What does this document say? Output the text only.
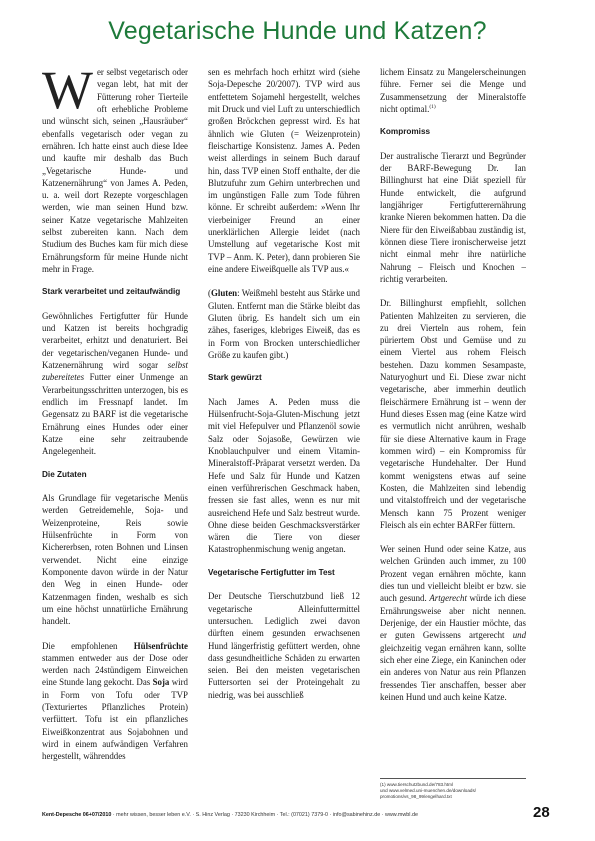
Vegetarische Hunde und Katzen?

Wer selbst vegetarisch oder vegan lebt, hat mit der Fütterung roher Tierteile oft erhebliche Probleme und wünscht sich, seinen „Hausräuber“ ebenfalls vegetarisch oder vegan zu ernähren. Ich hatte einst auch diese Idee und kaufte mir deshalb das Buch „Vegetarische Hunde- und Katzenernährung“ von James A. Peden, u. a. weil dort Rezepte vorgeschlagen werden, wie man seinen Hund bzw. seiner Katze vegetarische Mahlzeiten selbst zubereiten kann. Nach dem Studium des Buches kam für mich diese Ernährungsform für meine Hunde nicht mehr in Frage.

Stark verarbeitet und zeitaufwändig

Gewöhnliches Fertigfutter für Hunde und Katzen ist bereits hochgradig verarbeitet, erhitzt und denaturiert. Bei der vegetarischen/veganen Hunde- und Katzenernährung wird sogar selbst zubereitetes Futter einer Unmenge an Verarbeitungsschritten unterzogen, bis es endlich im Fressnapf landet. Im Gegensatz zu BARF ist die vegetarische Ernährung eines Hundes oder einer Katze eine sehr zeitraubende Angelegenheit.

Die Zutaten

Als Grundlage für vegetarische Menüs werden Getreidemehle, Soja- und Weizenproteine, Reis sowie Hülsenfrüchte in Form von Kichererbsen, roten Bohnen und Linsen verwendet. Nicht eine einzige Komponente davon würde in der Natur den Weg in einen Hunde- oder Katzenmagen finden, weshalb es sich um eine höchst unnatürliche Ernährung handelt.

Die empfohlenen Hülsenfrüchte stammen entweder aus der Dose oder werden nach 24stündigem Einweichen eine Stunde lang gekocht. Das Soja wird in Form von Tofu oder TVP (Texturiertes Pflanzliches Protein) verfüttert. Tofu ist ein pflanzliches Eiweißkonzentrat aus Sojabohnen und wird in einem aufwändigen Verfahren hergestellt, währenddes

sen es mehrfach hoch erhitzt wird (siehe Soja-Depesche 20/2007). TVP wird aus entfettetem Sojamehl hergestellt, welches mit Druck und viel Luft zu unterschiedlich großen Bröckchen gepresst wird. Es hat ähnlich wie Gluten (= Weizenprotein) fleischartige Konsistenz. James A. Peden weist allerdings in seinem Buch darauf hin, dass TVP einen Stoff enthalte, der die Blutzufuhr zum Gehirn unterbrechen und im ungünstigen Falle zum Tode führen könne. Er schreibt außerdem: »Wenn Ihr vierbeiniger Freund an einer unerklärlichen Allergie leidet (nach Umstellung auf vegetarische Kost mit TVP – Anm. K. Peter), dann probieren Sie eine andere Eiweißquelle als TVP aus.«

(Gluten: Weißmehl besteht aus Stärke und Gluten. Entfernt man die Stärke bleibt das Gluten übrig. Es handelt sich um ein zähes, faseriges, klebriges Eiweiß, das es in Form von Brocken unterschiedlicher Größe zu kaufen gibt.)

Stark gewürzt

Nach James A. Peden muss die Hülsenfrucht-Soja-Gluten-Mischung jetzt mit viel Hefepulver und Pflanzenöl sowie Salz oder Sojasoße, Gewürzen wie Knoblauchpulver und einem Vitamin-Mineralstoff-Präparat versetzt werden. Da Hefe und Salz für Hunde und Katzen einen verführerischen Geschmack haben, fressen sie fast alles, wenn es nur mit ausreichend Hefe und Salz bestreut wurde. Ohne diese beiden Geschmacksverstärker wären die Tiere von dieser Katastrophenmischung wenig angetan.

Vegetarische Fertigfutter im Test

Der Deutsche Tierschutzbund ließ 12 vegetarische Alleinfuttermittel untersuchen. Lediglich zwei davon dürften einem gesunden erwachsenen Hund längerfristig gefüttert werden, ohne dass gesundheitliche Schäden zu erwarten seien. Bei den meisten vegetarischen Futtersorten sei der Proteingehalt zu niedrig, was bei ausschließ

lichem Einsatz zu Mangelerscheinungen führe. Ferner sei die Menge und Zusammensetzung der Mineralstoffe nicht optimal.$^{(1)}$

Kompromiss

Der australische Tierarzt und Begründer der BARF-Bewegung Dr. Ian Billinghurst hat eine Diät speziell für Hunde entwickelt, die aufgrund langjähriger Fertigfutterernährung kranke Nieren bekommen hatten. Da die Niere für den Eiweißabbau zuständig ist, können diese Tiere ironischerweise jetzt nicht einmal mehr ihre natürliche Nahrung – Fleisch und Knochen – richtig verarbeiten.

Dr. Billinghurst empfiehlt, sollchen Patienten Mahlzeiten zu servieren, die zu drei Vierteln aus rohem, fein püriertem Obst und Gemüse und zu einem Viertel aus rohem Fleisch bestehen. Dazu kommen Sesampaste, Naturyoghurt und Ei. Diese zwar nicht vegetarische, aber immerhin deutlich fleischärmere Ernährung ist – wenn der Hund dieses Essen mag (eine Katze wird es vermutlich nicht anrühren, weshalb für sie diese Alternative kaum in Frage kommen wird) – ein Kompromiss für vegetarische Hundehalter. Der Hund kommt wenigstens etwas auf seine Kosten, die Mahlzeiten sind lebendig und vitalstoffreich und der vegetarische Mensch kann 75 Prozent weniger Fleisch als ein echter BARFer füttern.

Wer seinen Hund oder seine Katze, aus welchen Gründen auch immer, zu 100 Prozent vegan ernähren möchte, kann dies tun und vielleicht bleibt er bzw. sie auch gesund. Artgerecht würde ich diese Ernährungsweise aber nicht nennen. Derjenige, der ein Haustier möchte, das er guten Gewissens artgerecht und gleichzeitig vegan ernähren kann, sollte sich eher eine Ziege, ein Kaninchen oder ein anderes von Natur aus rein Pflanzen fressendes Tier anschaffen, besser aber keinen Hund und auch keine Katze.

(1) www.tierschutzbund.de/783.html
und www.velmed.uni-muenchen.de/downloads/
promotions/vs_98_99/engelhard.txt
Kent-Depesche 06+07/2010 · mehr wissen, besser leben e.V. · S. Hinz Verlag · 73230 Kirchheim · Tel.: (07021) 7379-0 · info@sabinehinz.de · www.mwbl.de	28
